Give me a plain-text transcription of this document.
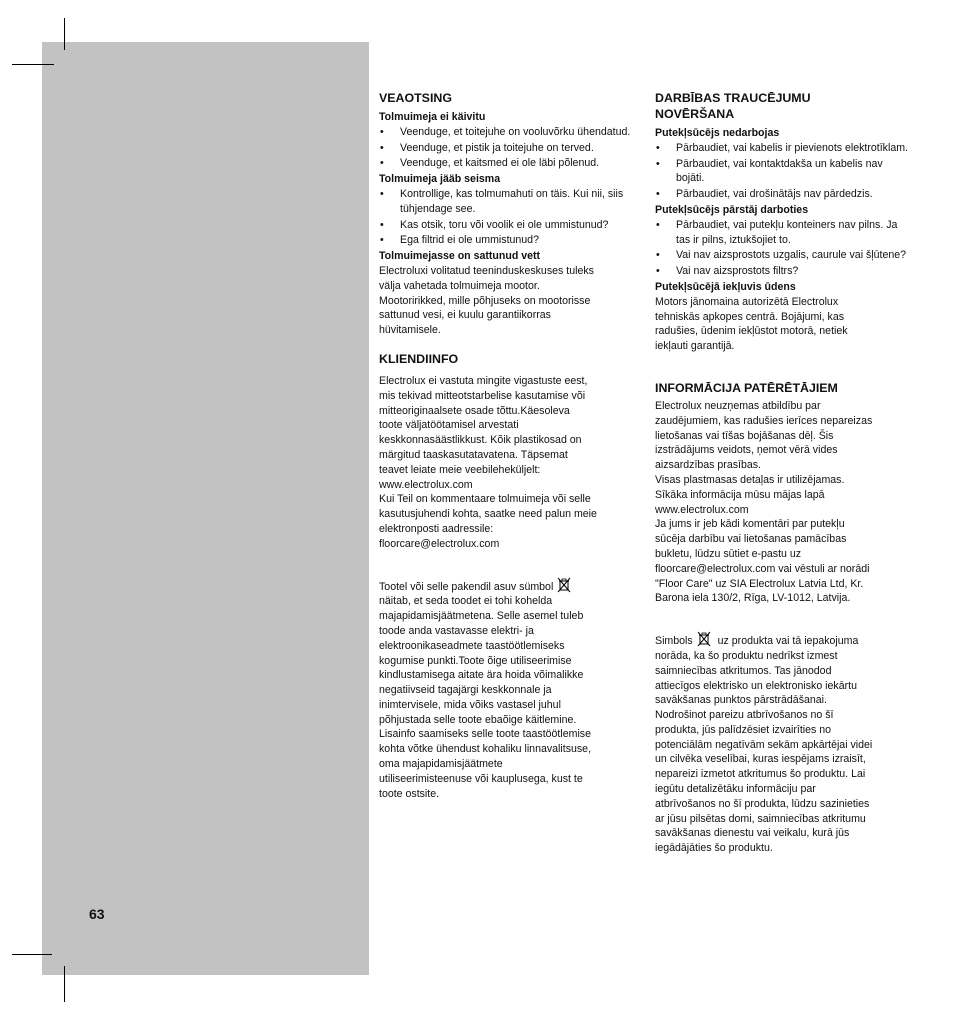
63
VEAOTSING
Tolmuimeja ei käivitu
• Veenduge, et toitejuhe on vooluvõrku ühendatud.
• Veenduge, et pistik ja toitejuhe on terved.
• Veenduge, et kaitsmed ei ole läbi põlenud.
Tolmuimeja jääb seisma
• Kontrollige, kas tolmumahuti on täis. Kui nii, siis tühjendage see.
• Kas otsik, toru või voolik ei ole ummistunud?
• Ega filtrid ei ole ummistunud?
Tolmuimejasse on sattunud vett
Electroluxi volitatud teeninduskeskuses tuleks
välja vahetada tolmuimeja mootor.
Mootoririkked, mille põhjuseks on mootorisse
sattunud vesi, ei kuulu garantiikorras
hüvitamisele.
KLIENDIINFO
Electrolux ei vastuta mingite vigastuste eest,
mis tekivad mitteotstarbelise kasutamise või
mitteoriginaalsete osade tõttu.Käesoleva
toote väljatöötamisel arvestati
keskkonnasäästlikkust. Kõik plastikosad on
märgitud taaskasutatavatena. Täpsemat
teavet leiate meie veebileheküljelt:
www.electrolux.com
Kui Teil on kommentaare tolmuimeja või selle
kasutusjuhendi kohta, saatke need palun meie
elektronposti aadressile:
floorcare@electrolux.com
Tootel või selle pakendil asuv sümbol
näitab, et seda toodet ei tohi kohelda
majapidamisjäätmetena. Selle asemel tuleb
toode anda vastavasse elektri- ja
elektroonikaseadmete taastöötlemiseks
kogumise punkti.Toote õige utiliseerimise
kindlustamisega aitate ära hoida võimalikke
negatiivseid tagajärgi keskkonnale ja
inimtervisele, mida võiks vastasel juhul
põhjustada selle toote ebaõige käitlemine.
Lisainfo saamiseks selle toote taastöötlemise
kohta võtke ühendust kohaliku linnavalitsuse,
oma majapidamisjäätmete
utiliseerimisteenuse või kauplusega, kust te
toote ostsite.
DARBĪBAS TRAUCĒJUMU
NOVĒRŠANA
Putekļsūcējs nedarbojas
• Pārbaudiet, vai kabelis ir pievienots elektrotīklam.
• Pārbaudiet, vai kontaktdakša un kabelis nav bojāti.
• Pārbaudiet, vai drošinātājs nav pārdedzis.
Putekļsūcējs pārstāj darboties
• Pārbaudiet, vai putekļu konteiners nav pilns. Ja tas ir pilns, iztukšojiet to.
• Vai nav aizsprostots uzgalis, caurule vai šļūtene?
• Vai nav aizsprostots filtrs?
Putekļsūcējā iekļuvis ūdens
Motors jānomaina autorizētā Electrolux
tehniskās apkopes centrā. Bojājumi, kas
radušies, ūdenim iekļūstot motorā, netiek
iekļauti garantijā.
INFORMĀCIJA PATĒRĒTĀJIEM
Electrolux neuzņemas atbildību par
zaudējumiem, kas radušies ierīces nepareizas
lietošanas vai tīšas bojāšanas dēļ. Šis
izstrādājums veidots, ņemot vērā vides
aizsardzības prasības.
Visas plastmasas detaļas ir utilizējamas.
Sīkāka informācija mūsu mājas lapā
www.electrolux.com
Ja jums ir jeb kādi komentāri par putekļu
sūcēja darbību vai lietošanas pamācības
bukletu, lūdzu sūtiet e-pastu uz
floorcare@electrolux.com vai vēstuli ar norādi
"Floor Care" uz SIA Electrolux Latvia Ltd, Kr.
Barona iela 130/2, Rīga, LV-1012, Latvija.
Simbols uz produkta vai tā iepakojuma
norāda, ka šo produktu nedrīkst izmest
saimniecības atkritumos. Tas jānodod
attiecīgos elektrisko un elektronisko iekārtu
savākšanas punktos pārstrādāšanai.
Nodrošinot pareizu atbrīvošanos no šī
produkta, jūs palīdzēsiet izvairīties no
potenciālām negatīvām sekām apkārtējai videi
un cilvēka veselībai, kuras iespējams izraisīt,
nepareizi izmetot atkritumus šo produktu. Lai
iegūtu detalizētāku informāciju par
atbrīvošanos no šī produkta, lūdzu sazinieties
ar jūsu pilsētas domi, saimniecības atkritumu
savākšanas dienestu vai veikalu, kurā jūs
iegādājāties šo produktu.
